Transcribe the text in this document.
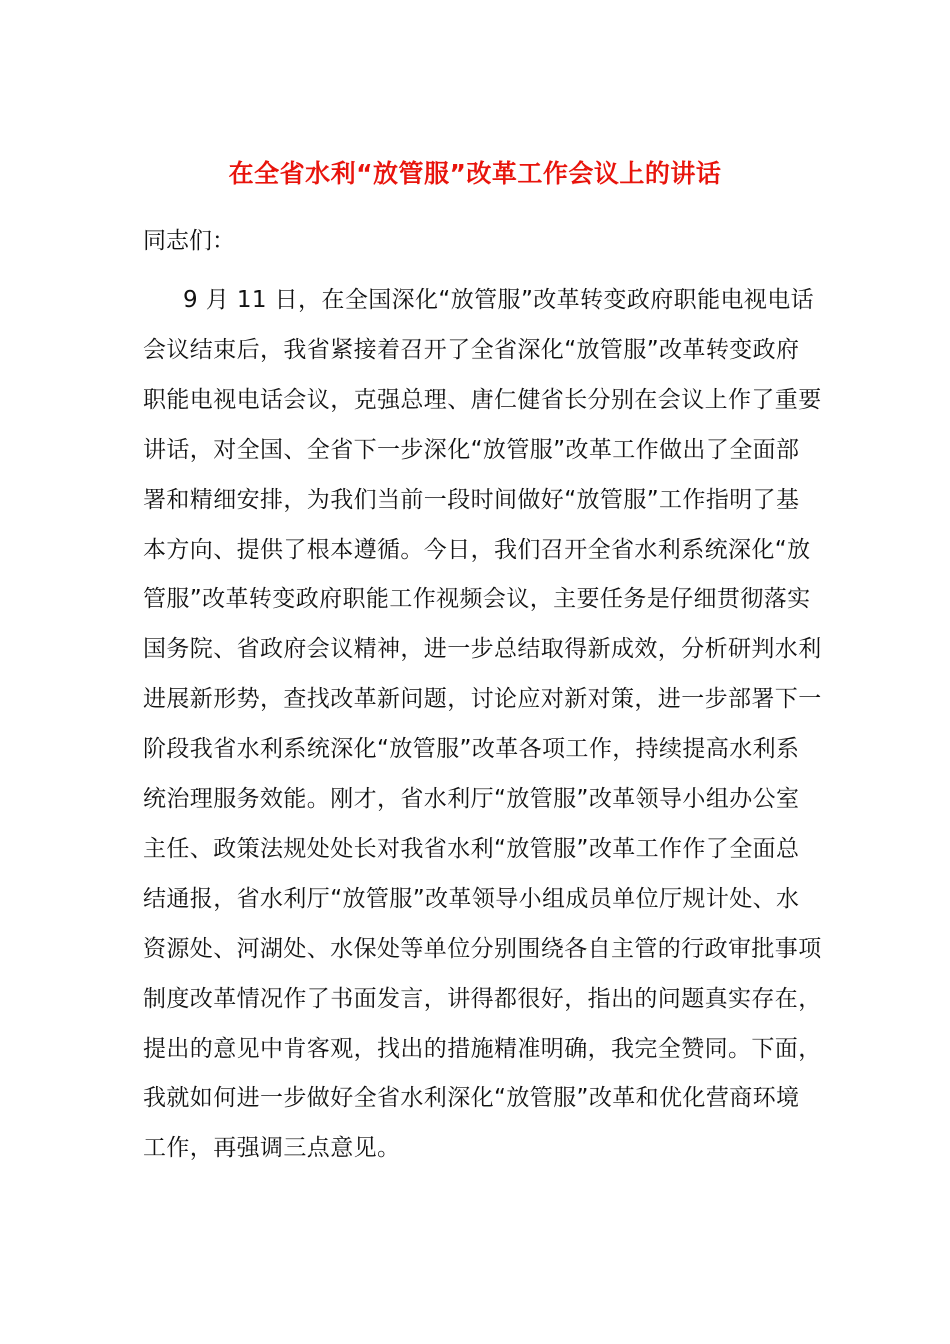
在全省水利“放管服”改革工作会议上的讲话
同志们：
9 月 11 日，在全国深化“放管服”改革转变政府职能电视电话
会议结束后，我省紧接着召开了全省深化“放管服”改革转变政府
职能电视电话会议，克强总理、唐仁健省长分别在会议上作了重要
讲话，对全国、全省下一步深化“放管服”改革工作做出了全面部
署和精细安排，为我们当前一段时间做好“放管服”工作指明了基
本方向、提供了根本遵循。今日，我们召开全省水利系统深化“放
管服”改革转变政府职能工作视频会议，主要任务是仔细贯彻落实
国务院、省政府会议精神，进一步总结取得新成效，分析研判水利
进展新形势，查找改革新问题，讨论应对新对策，进一步部署下一
阶段我省水利系统深化“放管服”改革各项工作，持续提高水利系
统治理服务效能。刚才，省水利厅“放管服”改革领导小组办公室
主任、政策法规处处长对我省水利“放管服”改革工作作了全面总
结通报，省水利厅“放管服”改革领导小组成员单位厅规计处、水
资源处、河湖处、水保处等单位分别围绕各自主管的行政审批事项
制度改革情况作了书面发言，讲得都很好，指出的问题真实存在，
提出的意见中肯客观，找出的措施精准明确，我完全赞同。下面，
我就如何进一步做好全省水利深化“放管服”改革和优化营商环境
工作，再强调三点意见。
